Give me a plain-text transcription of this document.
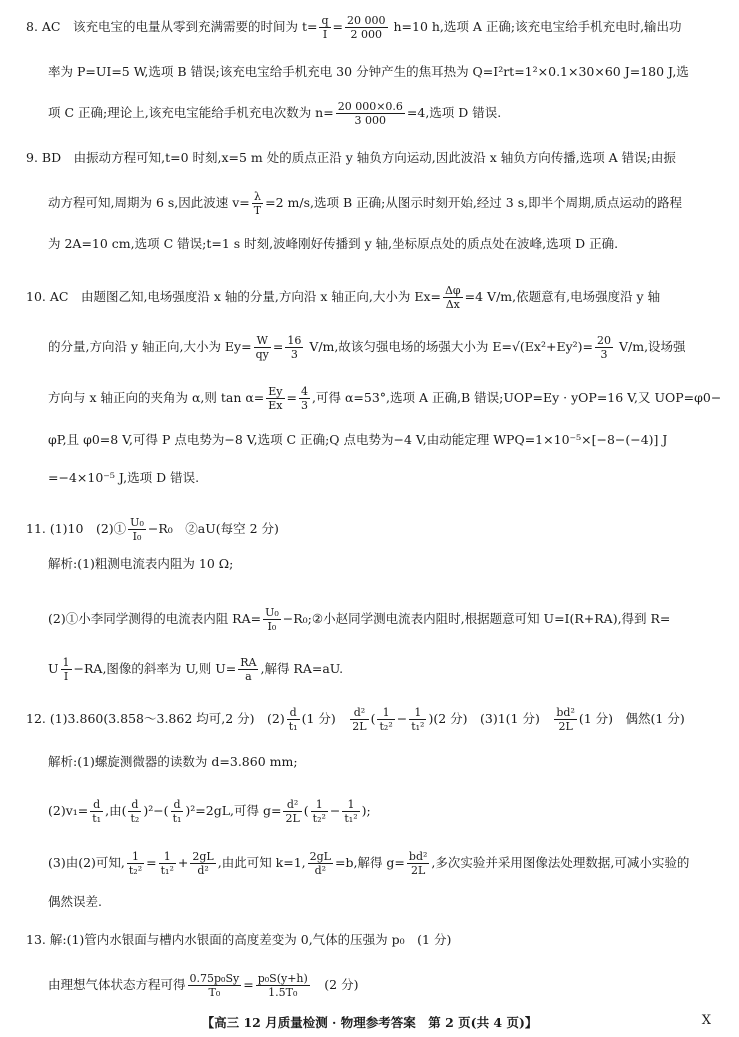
8. AC　该充电宝的电量从零到充满需要的时间为 $t= \frac{q}{I} = \frac{20 000}{2 000} h=10$ h,选项 A 正确;该充电宝给手机充电时,输出功
率为 P=UI=5 W,选项 B 错误;该充电宝给手机充电 30 分钟产生的焦耳热为 Q=I²rt=1²×0.1×30×60 J=180 J,选
项 C 正确;理论上,该充电宝能给手机充电次数为 $n= \frac{20 000\times 0.6}{3 000} =4$,选项 D 错误.
9. BD　由振动方程可知,t=0 时刻,x=5 m 处的质点正沿 y 轴负方向运动,因此波沿 x 轴负方向传播,选项 A 错误;由振
动方程可知,周期为 6 s,因此波速 $v= \frac{\lambda}{T} =2$ m/s,选项 B 正确;从图示时刻开始,经过 3 s,即半个周期,质点运动的路程
为 2A=10 cm,选项 C 错误;t=1 s 时刻,波峰刚好传播到 y 轴,坐标原点处的质点处在波峰,选项 D 正确.
10. AC　由题图乙知,电场强度沿 x 轴的分量,方向沿 x 轴正向,大小为 $Ex= \frac{\Delta\varphi}{\Delta x} =4$ V/m,依题意有,电场强度沿 y 轴
的分量,方向沿 y 轴正向,大小为 $Ey= \frac{W}{qy} = \frac{16}{3} V/m$,故该匀强电场的场强大小为 $E=√(Ex^2+Ey^2)= \frac{20}{3} V/m$,设场强
方向与 x 轴正向的夹角为 α,则 $\tan \alpha= \frac{Ey}{Ex} = \frac{4}{3}$ ,可得 α=53°,选项 A 正确,B 错误;UOP=Ey · yOP=16 V,又 UOP=φ0−
φP,且 φ0=8 V,可得 P 点电势为−8 V,选项 C 正确;Q 点电势为−4 V,由动能定理 WPQ=1×10⁻⁵×[−8−(−4)] J
=−4×10⁻⁵ J,选项 D 错误.
11. (1)10　(2)① $\frac{\text{U₀}}{\text{I₀}} -R_0$　②aU(每空 2 分)
解析:(1)粗测电流表内阻为 10 Ω;
(2)①小李同学测得的电流表内阻 $RA= \frac{\text{U₀}}{\text{I₀}}$ −R₀;②小赵同学测电流表内阻时,根据题意可知 U=I(R+RA),得到 R=
U $\frac{1}{I} -RA$,图像的斜率为 U,则 $U= \frac{RA}{a}$ ,解得 RA=aU.
12. (1)3.860(3.858～3.862 均可,2 分)　$(2) \frac{d}{\text{t₁}} (1$ 分)　 $\frac{\text{d²}}{2L}$ ( $\frac{1}{\text{t₂²}} - \frac{1}{\text{t₁²}} )(2$ 分)　(3)1(1 分)　 $\frac{\text{bd²}}{2L} (1$ 分)　偶然(1 分)
解析:(1)螺旋测微器的读数为 d=3.860 mm;
$(2)v_1= \frac{d}{\text{t₁}}$ ,由( $\frac{d}{\text{t₂}} )^2-( \frac{d}{\text{t₁}} )^2=2gL$,可得 $g= \frac{\text{d²}}{2L}$ ( $\frac{1}{\text{t₂²}} - \frac{1}{\text{t₁²}}$ );
(3)由(2)可知, $\frac{1}{\text{t₂²}} = \frac{1}{\text{t₁²}} + \frac{2gL}{\text{d²}}$ ,由此可知 k=1, $\frac{2gL}{\text{d²}} =b$,解得 $g= \frac{\text{bd²}}{2L}$ ,多次实验并采用图像法处理数据,可减小实验的
偶然误差.
13. 解:(1)管内水银面与槽内水银面的高度差变为 0,气体的压强为 p₀　(1 分)
由理想气体状态方程可得 $\frac{\text{0.75p₀Sy}}{\text{T₀}} = \frac{\text{p₀S(y+h)}}{\text{1.5T₀}}$ 　(2 分)
【高三 12 月质量检测 · 物理参考答案　第 2 页(共 4 页)】	X
